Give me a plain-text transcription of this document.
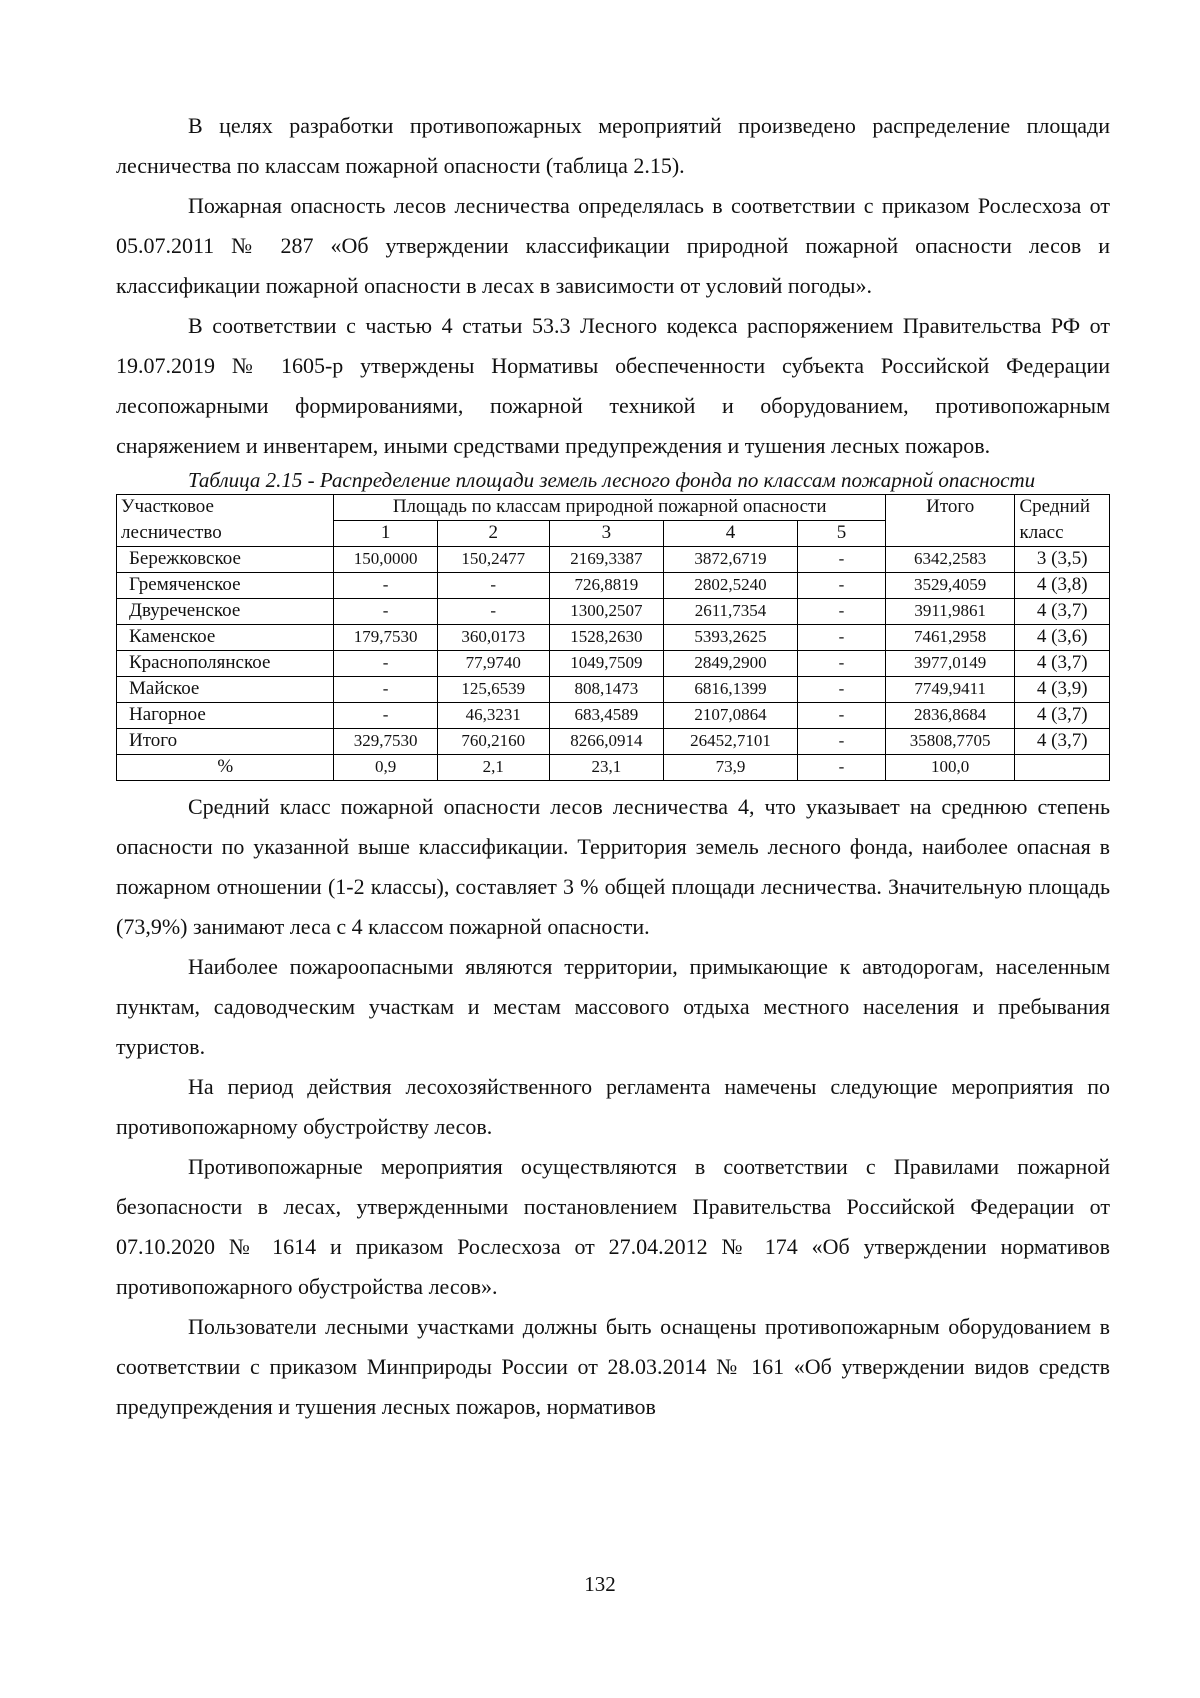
В целях разработки противопожарных мероприятий произведено распределение площади лесничества по классам пожарной опасности (таблица 2.15).

Пожарная опасность лесов лесничества определялась в соответствии с приказом Рослесхоза от 05.07.2011 № 287 «Об утверждении классификации природной пожарной опасности лесов и классификации пожарной опасности в лесах в зависимости от условий погоды».

В соответствии с частью 4 статьи 53.3 Лесного кодекса распоряжением Правительства РФ от 19.07.2019 № 1605-р утверждены Нормативы обеспеченности субъекта Российской Федерации лесопожарными формированиями, пожарной техникой и оборудованием, противопожарным снаряжением и инвентарем, иными средствами предупреждения и тушения лесных пожаров.

Таблица 2.15 - Распределение площади земель лесного фонда по классам пожарной опасности
Участковое	Площадь по классам природной пожарной опасности					Итого	Средний
лесничество	1	2	3	4	5		класс
Бережковское	150,0000	150,2477	2169,3387	3872,6719	-	6342,2583	3 (3,5)
Гремяченское	-	-	726,8819	2802,5240	-	3529,4059	4 (3,8)
Двуреченское	-	-	1300,2507	2611,7354	-	3911,9861	4 (3,7)
Каменское	179,7530	360,0173	1528,2630	5393,2625	-	7461,2958	4 (3,6)
Краснополянское	-	77,9740	1049,7509	2849,2900	-	3977,0149	4 (3,7)
Майское	-	125,6539	808,1473	6816,1399	-	7749,9411	4 (3,9)
Нагорное	-	46,3231	683,4589	2107,0864	-	2836,8684	4 (3,7)
Итого	329,7530	760,2160	8266,0914	26452,7101	-	35808,7705	4 (3,7)
%	0,9	2,1	23,1	73,9	-	100,0	

Средний класс пожарной опасности лесов лесничества 4, что указывает на среднюю степень опасности по указанной выше классификации. Территория земель лесного фонда, наиболее опасная в пожарном отношении (1-2 классы), составляет 3 % общей площади лесничества. Значительную площадь (73,9%) занимают леса с 4 классом пожарной опасности.

Наиболее пожароопасными являются территории, примыкающие к автодорогам, населенным пунктам, садоводческим участкам и местам массового отдыха местного населения и пребывания туристов.

На период действия лесохозяйственного регламента намечены следующие мероприятия по противопожарному обустройству лесов.

Противопожарные мероприятия осуществляются в соответствии с Правилами пожарной безопасности в лесах, утвержденными постановлением Правительства Российской Федерации от 07.10.2020 № 1614 и приказом Рослесхоза от 27.04.2012 № 174 «Об утверждении нормативов противопожарного обустройства лесов».

Пользователи лесными участками должны быть оснащены противопожарным оборудованием в соответствии с приказом Минприроды России от 28.03.2014 № 161 «Об утверждении видов средств предупреждения и тушения лесных пожаров, нормативов

132
